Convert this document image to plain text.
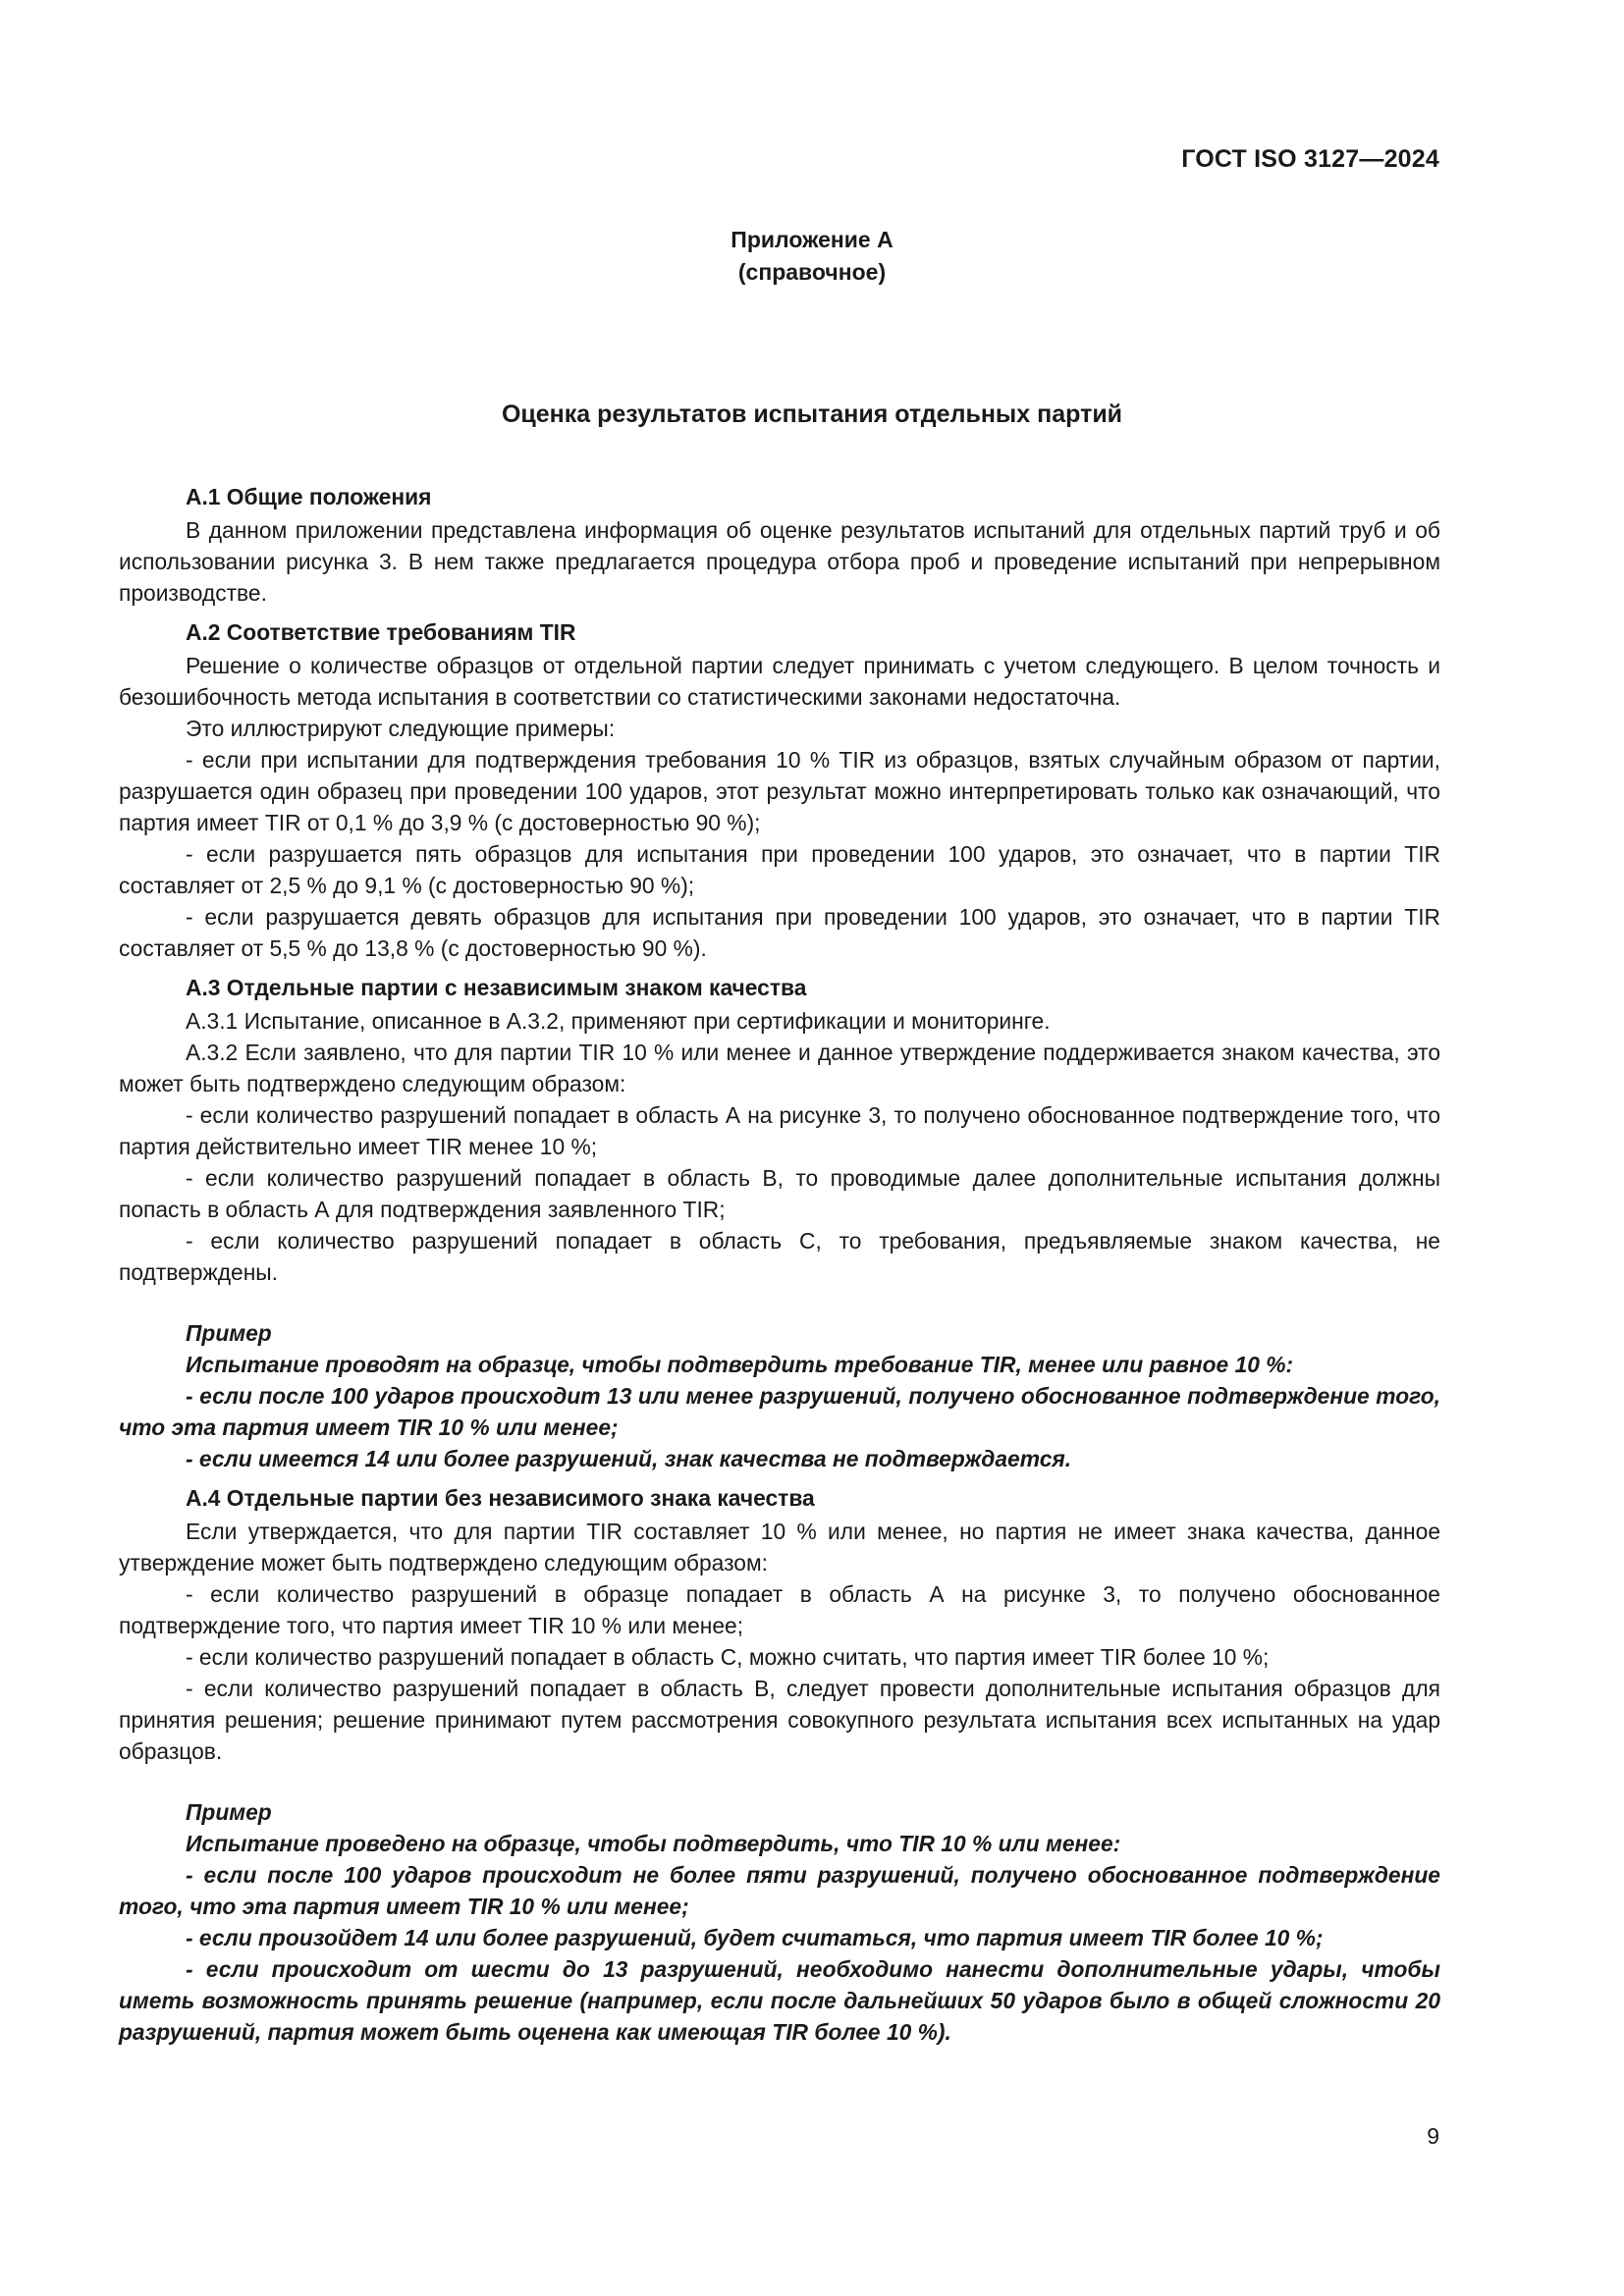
ГОСТ ISO 3127—2024
Приложение А
(справочное)
Оценка результатов испытания отдельных партий

А.1 Общие положения

В данном приложении представлена информация об оценке результатов испытаний для отдельных партий труб и об использовании рисунка 3. В нем также предлагается процедура отбора проб и проведение испытаний при непрерывном производстве.

А.2 Соответствие требованиям TIR

Решение о количестве образцов от отдельной партии следует принимать с учетом следующего. В целом точность и безошибочность метода испытания в соответствии со статистическими законами недостаточна.

Это иллюстрируют следующие примеры:

- если при испытании для подтверждения требования 10 % TIR из образцов, взятых случайным образом от партии, разрушается один образец при проведении 100 ударов, этот результат можно интерпретировать только как означающий, что партия имеет TIR от 0,1 % до 3,9 % (с достоверностью 90 %);

- если разрушается пять образцов для испытания при проведении 100 ударов, это означает, что в партии TIR составляет от 2,5 % до 9,1 % (с достоверностью 90 %);

- если разрушается девять образцов для испытания при проведении 100 ударов, это означает, что в партии TIR составляет от 5,5 % до 13,8 % (с достоверностью 90 %).

А.3 Отдельные партии с независимым знаком качества

А.3.1 Испытание, описанное в А.3.2, применяют при сертификации и мониторинге.

А.3.2 Если заявлено, что для партии TIR 10 % или менее и данное утверждение поддерживается знаком качества, это может быть подтверждено следующим образом:

- если количество разрушений попадает в область А на рисунке 3, то получено обоснованное подтверждение того, что партия действительно имеет TIR менее 10 %;

- если количество разрушений попадает в область В, то проводимые далее дополнительные испытания должны попасть в область А для подтверждения заявленного TIR;

- если количество разрушений попадает в область С, то требования, предъявляемые знаком качества, не подтверждены.

Пример

Испытание проводят на образце, чтобы подтвердить требование TIR, менее или равное 10 %:

- если после 100 ударов происходит 13 или менее разрушений, получено обоснованное подтверждение того, что эта партия имеет TIR 10 % или менее;

- если имеется 14 или более разрушений, знак качества не подтверждается.

А.4 Отдельные партии без независимого знака качества

Если утверждается, что для партии TIR составляет 10 % или менее, но партия не имеет знака качества, данное утверждение может быть подтверждено следующим образом:

- если количество разрушений в образце попадает в область А на рисунке 3, то получено обоснованное подтверждение того, что партия имеет TIR 10 % или менее;

- если количество разрушений попадает в область С, можно считать, что партия имеет TIR более 10 %;

- если количество разрушений попадает в область В, следует провести дополнительные испытания образцов для принятия решения; решение принимают путем рассмотрения совокупного результата испытания всех испытанных на удар образцов.

Пример

Испытание проведено на образце, чтобы подтвердить, что TIR 10 % или менее:

- если после 100 ударов происходит не более пяти разрушений, получено обоснованное подтверждение того, что эта партия имеет TIR 10 % или менее;

- если произойдет 14 или более разрушений, будет считаться, что партия имеет TIR более 10 %;

- если происходит от шести до 13 разрушений, необходимо нанести дополнительные удары, чтобы иметь возможность принять решение (например, если после дальнейших 50 ударов было в общей сложности 20 разрушений, партия может быть оценена как имеющая TIR более 10 %).

9
